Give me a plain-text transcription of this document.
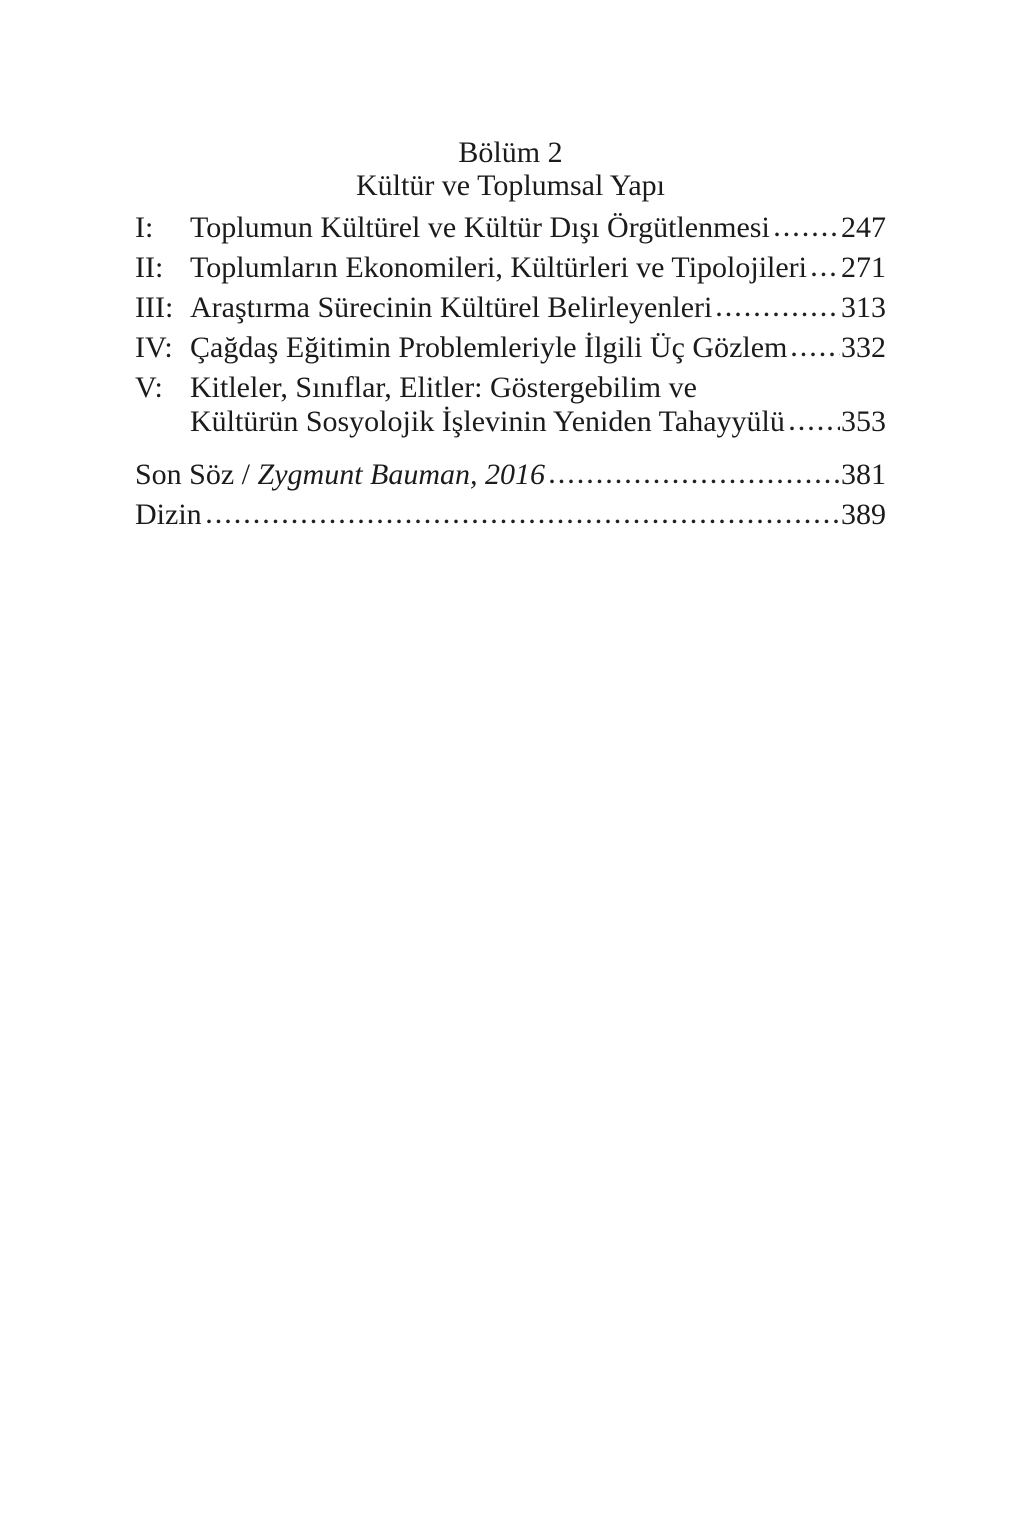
Bölüm 2
Kültür ve Toplumsal Yapı
I:	Toplumun Kültürel ve Kültür Dışı Örgütlenmesi 247
II: Toplumların Ekonomileri, Kültürleri ve Tipolojileri 271
III: Araştırma Sürecinin Kültürel Belirleyenleri	313
IV: Çağdaş Eğitimin Problemleriyle İlgili Üç Gözlem 332
V: Kitleler, Sınıflar, Elitler: Göstergebilim ve
Kültürün Sosyolojik İşlevinin Yeniden Tahayyülü 353
Son Söz / Zygmunt Bauman, 2016	381
Dizin	389
